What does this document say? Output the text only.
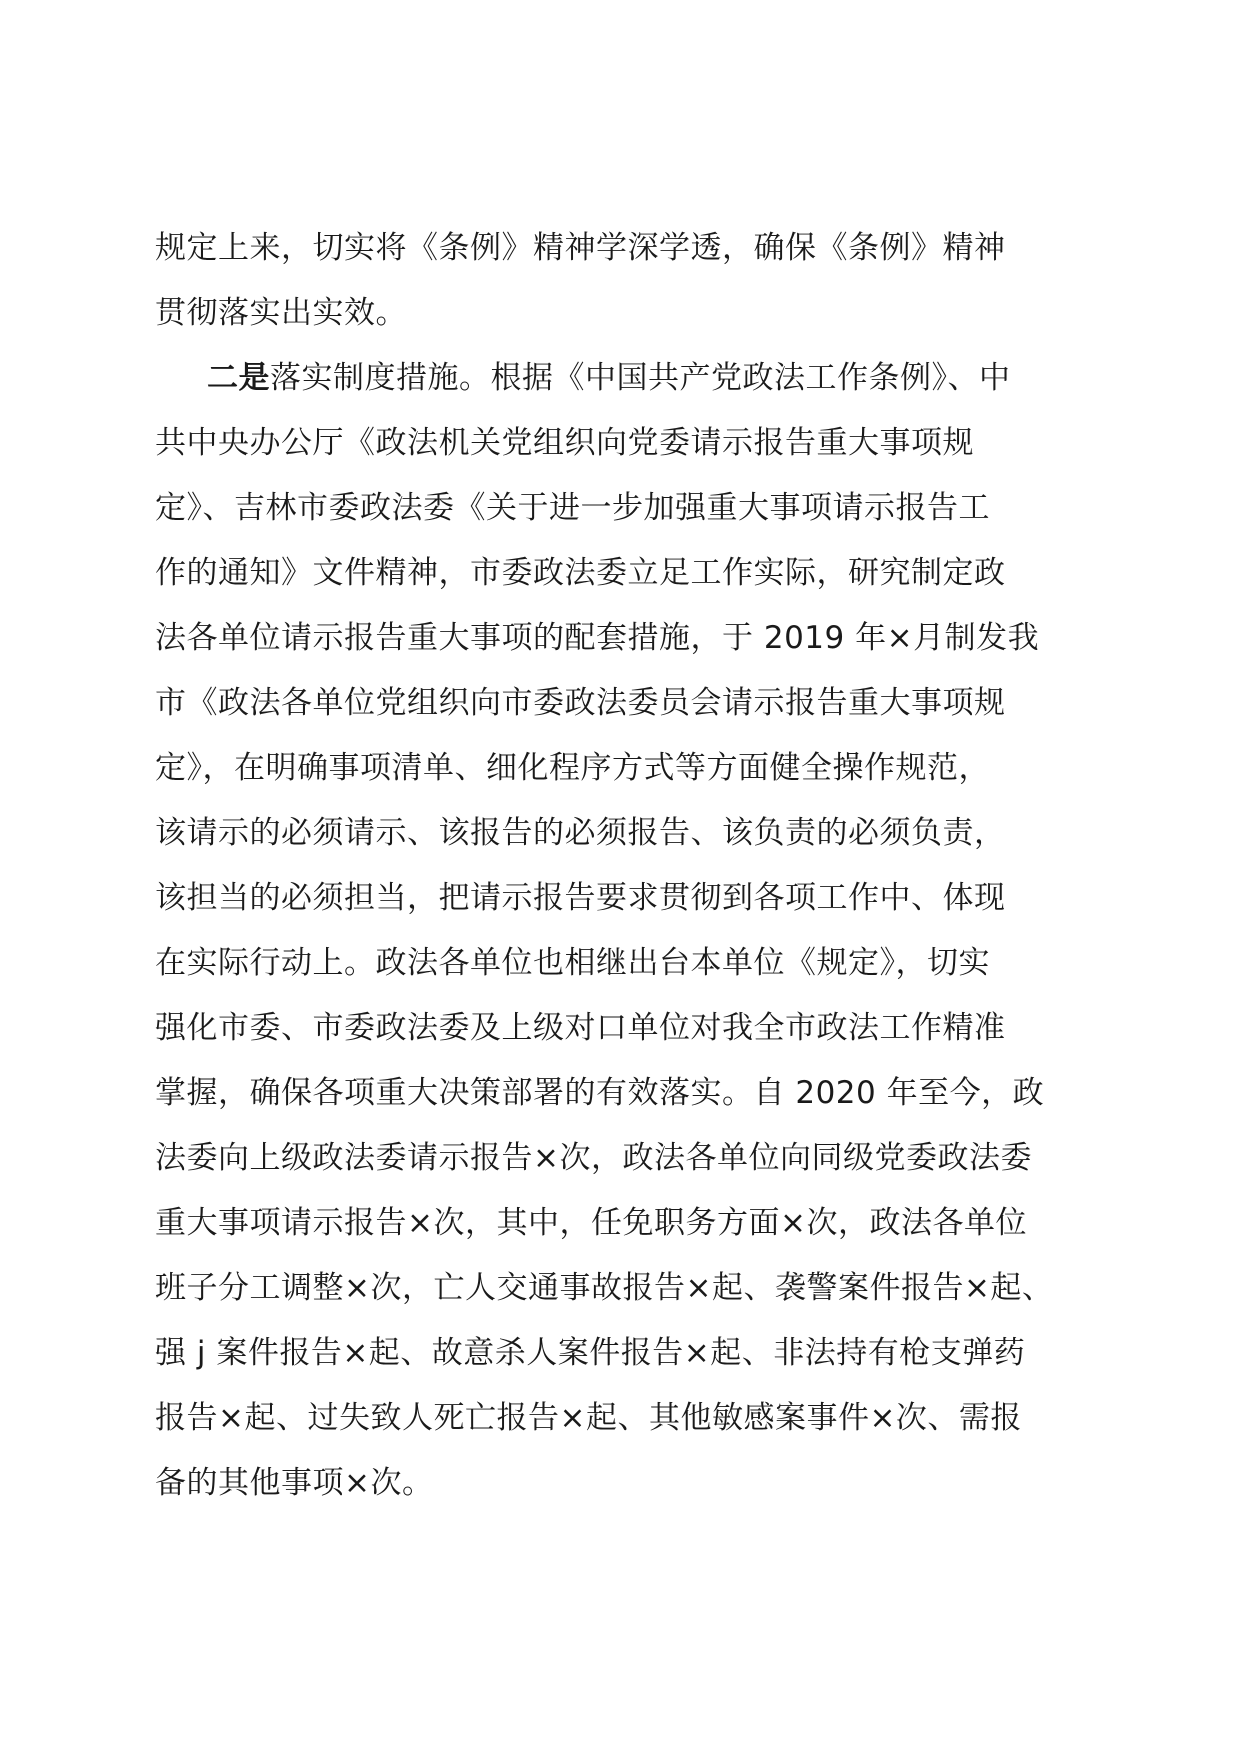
规定上来，切实将《条例》精神学深学透，确保《条例》精神
贯彻落实出实效。
二是落实制度措施。根据《中国共产党政法工作条例》、中
共中央办公厅《政法机关党组织向党委请示报告重大事项规
定》、吉林市委政法委《关于进一步加强重大事项请示报告工
作的通知》文件精神，市委政法委立足工作实际，研究制定政
法各单位请示报告重大事项的配套措施，于 2019 年×月制发我
市《政法各单位党组织向市委政法委员会请示报告重大事项规
定》，在明确事项清单、细化程序方式等方面健全操作规范，
该请示的必须请示、该报告的必须报告、该负责的必须负责，
该担当的必须担当，把请示报告要求贯彻到各项工作中、体现
在实际行动上。政法各单位也相继出台本单位《规定》，切实
强化市委、市委政法委及上级对口单位对我全市政法工作精准
掌握，确保各项重大决策部署的有效落实。自 2020 年至今，政
法委向上级政法委请示报告×次，政法各单位向同级党委政法委
重大事项请示报告×次，其中，任免职务方面×次，政法各单位
班子分工调整×次，亡人交通事故报告×起、袭警案件报告×起、
强 j 案件报告×起、故意杀人案件报告×起、非法持有枪支弹药
报告×起、过失致人死亡报告×起、其他敏感案事件×次、需报
备的其他事项×次。
